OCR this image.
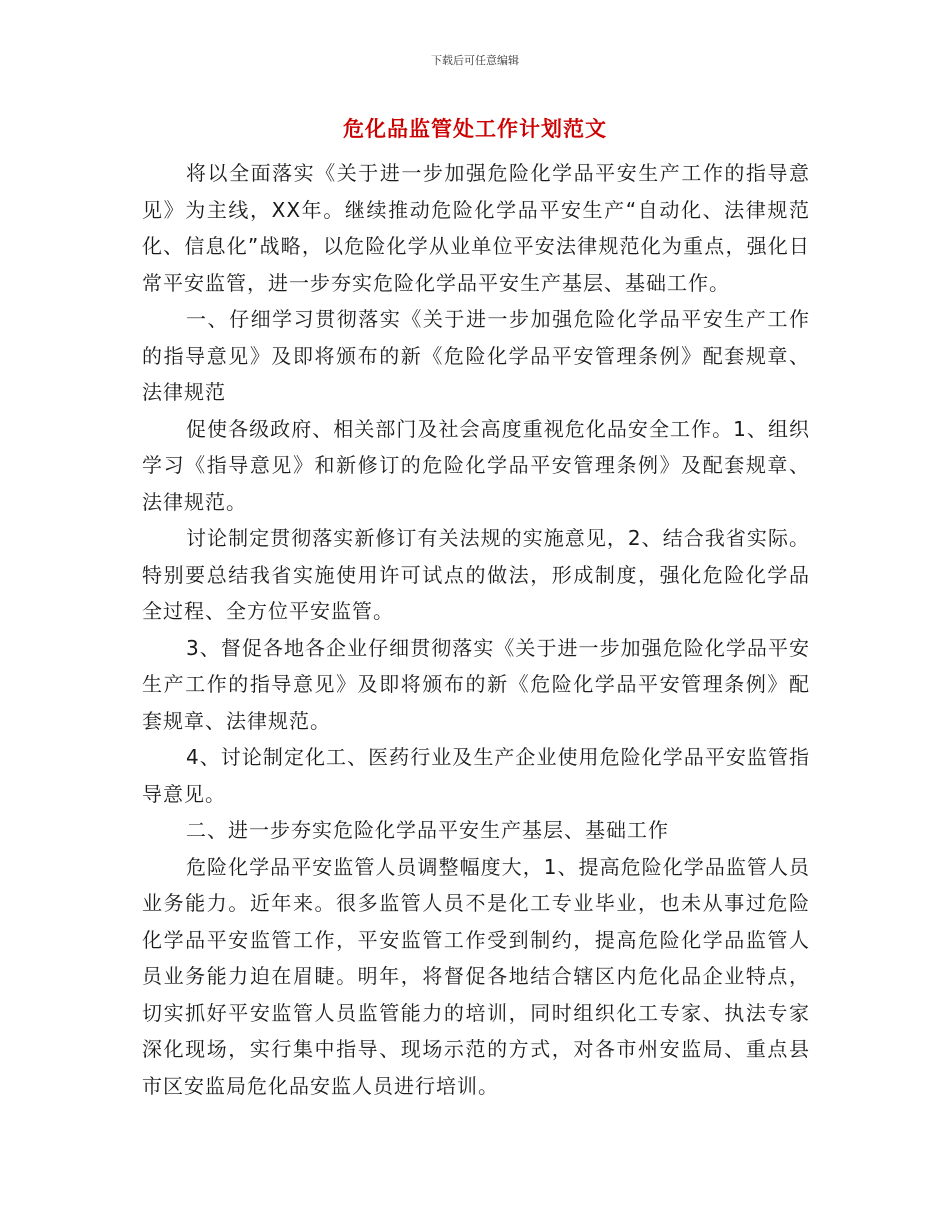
下载后可任意编辑
危化品监管处工作计划范文

将以全面落实《关于进一步加强危险化学品平安生产工作的指导意见》为主线，XX年。继续推动危险化学品平安生产“自动化、法律规范化、信息化”战略，以危险化学从业单位平安法律规范化为重点，强化日常平安监管，进一步夯实危险化学品平安生产基层、基础工作。

一、仔细学习贯彻落实《关于进一步加强危险化学品平安生产工作的指导意见》及即将颁布的新《危险化学品平安管理条例》配套规章、法律规范

促使各级政府、相关部门及社会高度重视危化品安全工作。1、组织学习《指导意见》和新修订的危险化学品平安管理条例》及配套规章、法律规范。

讨论制定贯彻落实新修订有关法规的实施意见，2、结合我省实际。特别要总结我省实施使用许可试点的做法，形成制度，强化危险化学品全过程、全方位平安监管。

3、督促各地各企业仔细贯彻落实《关于进一步加强危险化学品平安生产工作的指导意见》及即将颁布的新《危险化学品平安管理条例》配套规章、法律规范。

4、讨论制定化工、医药行业及生产企业使用危险化学品平安监管指导意见。

二、进一步夯实危险化学品平安生产基层、基础工作

危险化学品平安监管人员调整幅度大，1、提高危险化学品监管人员业务能力。近年来。很多监管人员不是化工专业毕业，也未从事过危险化学品平安监管工作，平安监管工作受到制约，提高危险化学品监管人员业务能力迫在眉睫。明年，将督促各地结合辖区内危化品企业特点，切实抓好平安监管人员监管能力的培训，同时组织化工专家、执法专家深化现场，实行集中指导、现场示范的方式，对各市州安监局、重点县市区安监局危化品安监人员进行培训。
